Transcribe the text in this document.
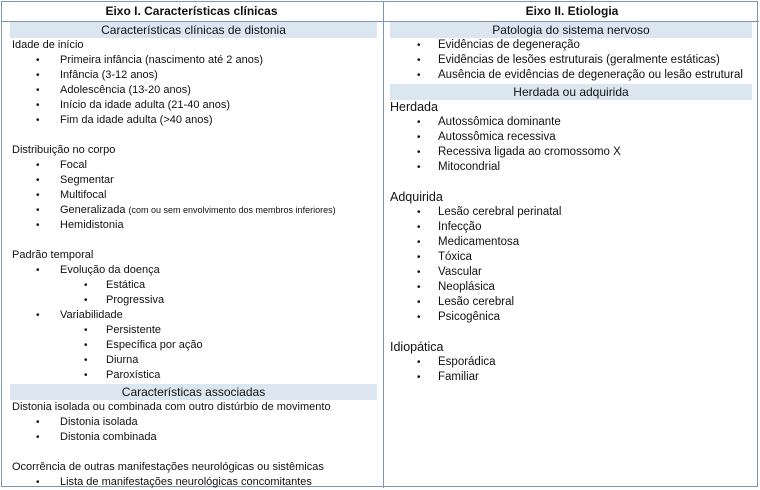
Eixo I. Características clínicas
Características clínicas de distonia
Idade de início
• Primeira infância (nascimento até 2 anos)
• Infância (3-12 anos)
• Adolescência (13-20 anos)
• Início da idade adulta (21-40 anos)
• Fim da idade adulta (>40 anos)
Distribuição no corpo
• Focal
• Segmentar
• Multifocal
• Generalizada (com ou sem envolvimento dos membros inferiores)
• Hemidistonia
Padrão temporal
• Evolução da doença
• Estática
• Progressiva
• Variabilidade
• Persistente
• Específica por ação
• Diurna
• Paroxística
Características associadas
Distonia isolada ou combinada com outro distúrbio de movimento
• Distonia isolada
• Distonia combinada
Ocorrência de outras manifestações neurológicas ou sistêmicas
• Lista de manifestações neurológicas concomitantes
Eixo II. Etiologia
Patologia do sistema nervoso
• Evidências de degeneração
• Evidências de lesões estruturais (geralmente estáticas)
• Ausência de evidências de degeneração ou lesão estrutural
Herdada ou adquirida
Herdada
• Autossômica dominante
• Autossômica recessiva
• Recessiva ligada ao cromossomo X
• Mitocondrial
Adquirida
• Lesão cerebral perinatal
• Infecção
• Medicamentosa
• Tóxica
• Vascular
• Neoplásica
• Lesão cerebral
• Psicogênica
Idiopática
• Esporádica
• Familiar
